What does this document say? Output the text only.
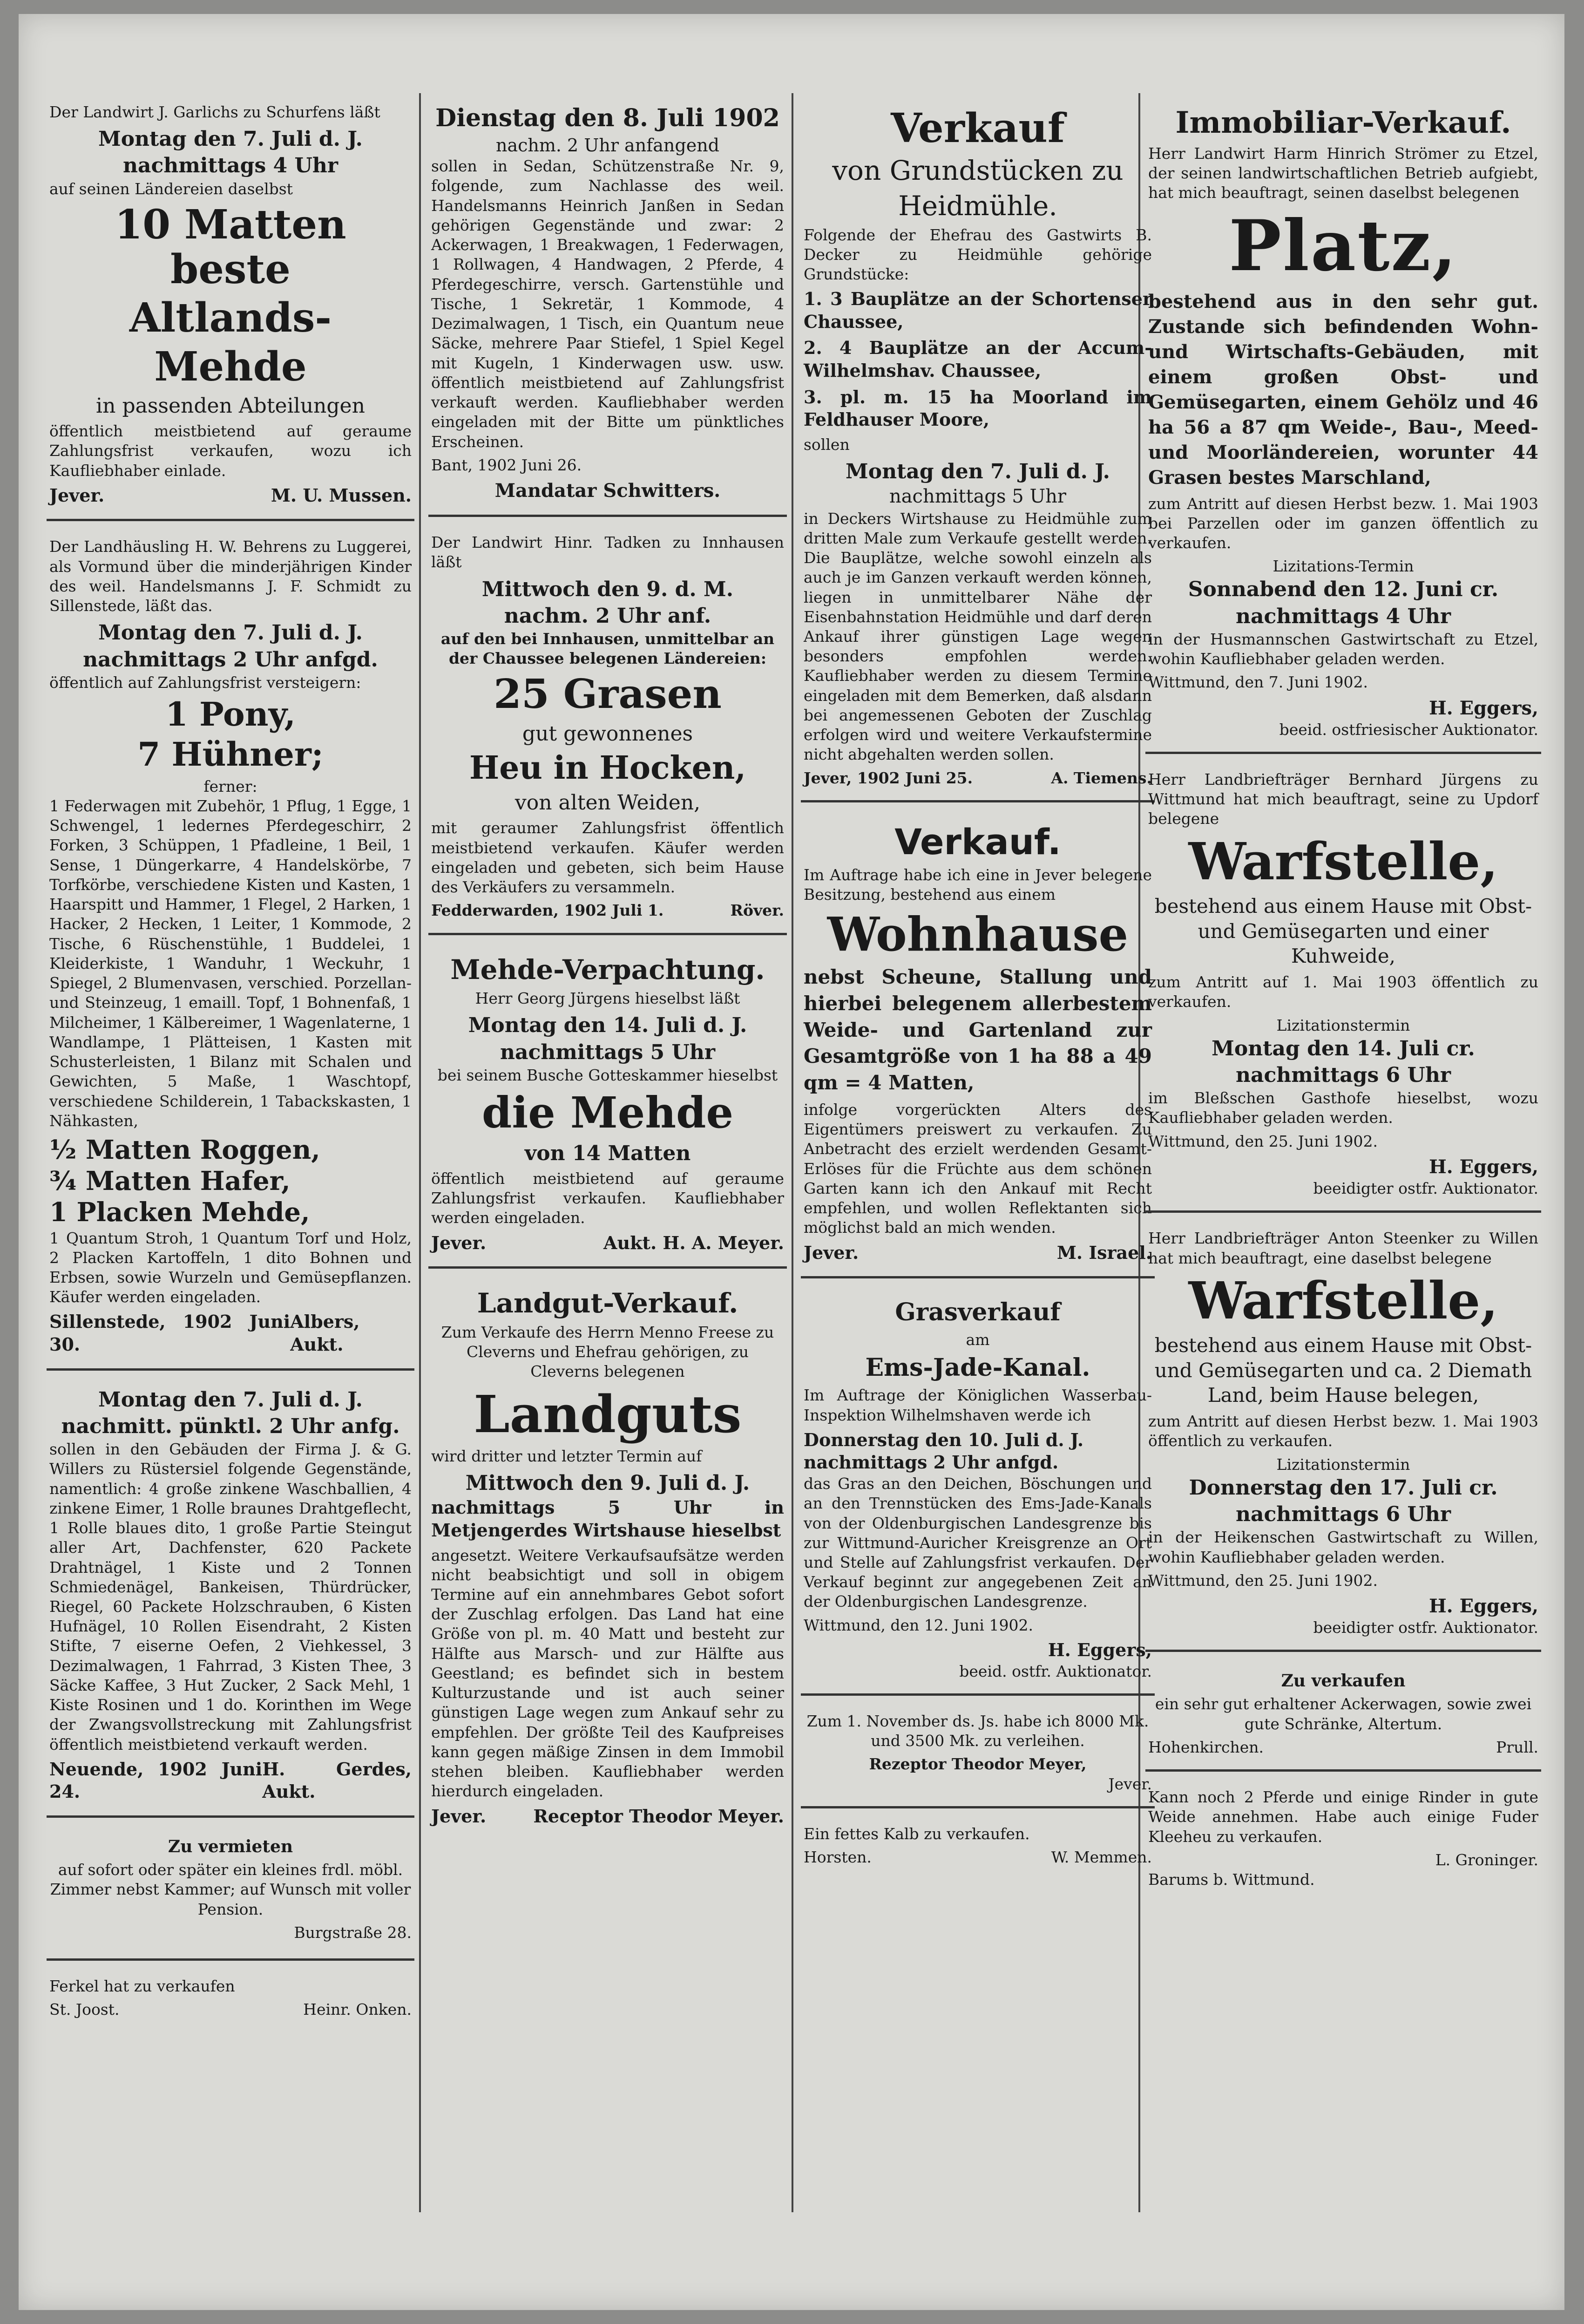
Der Landwirt J. Garlichs zu Schurfens läßt

Montag den 7. Juli d. J.
nachmittags 4 Uhr

auf seinen Ländereien daselbst

10 Matten beste
Altlands-
Mehde
in passenden Abteilungen

öffentlich meistbietend auf geraume Zahlungsfrist verkaufen, wozu ich Kaufliebhaber einlade.

Jever.	M. U. Mussen.

Der Landhäusling H. W. Behrens zu Luggerei, als Vormund über die minderjährigen Kinder des weil. Handelsmanns J. F. Schmidt zu Sillenstede, läßt das.

Montag den 7. Juli d. J.
nachmittags 2 Uhr anfgd.

öffentlich auf Zahlungsfrist versteigern:

1 Pony,
7 Hühner;
ferner:

1 Federwagen mit Zubehör, 1 Pflug, 1 Egge, 1 Schwengel, 1 ledernes Pferdegeschirr, 2 Forken, 3 Schüppen, 1 Pfadleine, 1 Beil, 1 Sense, 1 Düngerkarre, 4 Handelskörbe, 7 Torfkörbe, verschiedene Kisten und Kasten, 1 Haarspitt und Hammer, 1 Flegel, 2 Harken, 1 Hacker, 2 Hecken, 1 Leiter, 1 Kommode, 2 Tische, 6 Rüschenstühle, 1 Buddelei, 1 Kleiderkiste, 1 Wanduhr, 1 Weckuhr, 1 Spiegel, 2 Blumenvasen, verschied. Porzellan- und Steinzeug, 1 emaill. Topf, 1 Bohnenfaß, 1 Milcheimer, 1 Kälbereimer, 1 Wagenlaterne, 1 Wandlampe, 1 Plätteisen, 1 Kasten mit Schusterleisten, 1 Bilanz mit Schalen und Gewichten, 5 Maße, 1 Waschtopf, verschiedene Schilderein, 1 Tabackskasten, 1 Nähkasten,

½ Matten Roggen,
¾ Matten Hafer,
1 Placken Mehde,

1 Quantum Stroh, 1 Quantum Torf und Holz, 2 Placken Kartoffeln, 1 dito Bohnen und Erbsen, sowie Wurzeln und Gemüsepflanzen. Käufer werden eingeladen.

Sillenstede, 1902 Juni 30.
Albers, Aukt.
Montag den 7. Juli d. J.
nachmitt. pünktl. 2 Uhr anfg.

sollen in den Gebäuden der Firma J. & G. Willers zu Rüstersiel folgende Gegenstände, namentlich: 4 große zinkene Waschballien, 4 zinkene Eimer, 1 Rolle braunes Drahtgeflecht, 1 Rolle blaues dito, 1 große Partie Steingut aller Art, Dachfenster, 620 Packete Drahtnägel, 1 Kiste und 2 Tonnen Schmiedenägel, Bankeisen, Thürdrücker, Riegel, 60 Packete Holzschrauben, 6 Kisten Hufnägel, 10 Rollen Eisendraht, 2 Kisten Stifte, 7 eiserne Oefen, 2 Viehkessel, 3 Dezimalwagen, 1 Fahrrad, 3 Kisten Thee, 3 Säcke Kaffee, 3 Hut Zucker, 2 Sack Mehl, 1 Kiste Rosinen und 1 do. Korinthen im Wege der Zwangsvollstreckung mit Zahlungsfrist öffentlich meistbietend verkauft werden.

Neuende, 1902 Juni 24.
H. Gerdes, Aukt.
Zu vermieten

auf sofort oder später ein kleines frdl. möbl. Zimmer nebst Kammer; auf Wunsch mit voller Pension.

Burgstraße 28.

Ferkel hat zu verkaufen

St. Joost.	Heinr. Onken.
Dienstag den 8. Juli 1902
nachm. 2 Uhr anfangend

sollen in Sedan, Schützenstraße Nr. 9, folgende, zum Nachlasse des weil. Handelsmanns Heinrich Janßen in Sedan gehörigen Gegenstände und zwar: 2 Ackerwagen, 1 Breakwagen, 1 Federwagen, 1 Rollwagen, 4 Handwagen, 2 Pferde, 4 Pferdegeschirre, versch. Gartenstühle und Tische, 1 Sekretär, 1 Kommode, 4 Dezimalwagen, 1 Tisch, ein Quantum neue Säcke, mehrere Paar Stiefel, 1 Spiel Kegel mit Kugeln, 1 Kinderwagen usw. usw. öffentlich meistbietend auf Zahlungsfrist verkauft werden. Kaufliebhaber werden eingeladen mit der Bitte um pünktliches Erscheinen.

Bant, 1902 Juni 26.

Mandatar Schwitters.

Der Landwirt Hinr. Tadken zu Innhausen läßt

Mittwoch den 9. d. M.
nachm. 2 Uhr anf.

auf den bei Innhausen, unmittelbar an der Chaussee belegenen Ländereien:

25 Grasen
gut gewonnenes
Heu in Hocken,
von alten Weiden,

mit geraumer Zahlungsfrist öffentlich meistbietend verkaufen. Käufer werden eingeladen und gebeten, sich beim Hause des Verkäufers zu versammeln.

Fedderwarden, 1902 Juli 1.	Röver.
Mehde-Verpachtung.

Herr Georg Jürgens hieselbst läßt

Montag den 14. Juli d. J.
nachmittags 5 Uhr

bei seinem Busche Gotteskammer hieselbst

die Mehde
von 14 Matten

öffentlich meistbietend auf geraume Zahlungsfrist verkaufen. Kaufliebhaber werden eingeladen.

Jever.	Aukt. H. A. Meyer.
Landgut-Verkauf.

Zum Verkaufe des Herrn Menno Freese zu Cleverns und Ehefrau gehörigen, zu Cleverns belegenen

Landguts

wird dritter und letzter Termin auf

Mittwoch den 9. Juli d. J.

nachmittags 5 Uhr in Metjengerdes Wirtshause hieselbst

angesetzt. Weitere Verkaufsaufsätze werden nicht beabsichtigt und soll in obigem Termine auf ein annehmbares Gebot sofort der Zuschlag erfolgen. Das Land hat eine Größe von pl. m. 40 Matt und besteht zur Hälfte aus Marsch- und zur Hälfte aus Geestland; es befindet sich in bestem Kulturzustande und ist auch seiner günstigen Lage wegen zum Ankauf sehr zu empfehlen. Der größte Teil des Kaufpreises kann gegen mäßige Zinsen in dem Immobil stehen bleiben. Kaufliebhaber werden hierdurch eingeladen.

Jever.	Receptor Theodor Meyer.
Verkauf
von Grundstücken zu
Heidmühle.

Folgende der Ehefrau des Gastwirts B. Decker zu Heidmühle gehörige Grundstücke:

1. 3 Bauplätze an der Schortenser Chaussee,

2. 4 Bauplätze an der Accum-Wilhelmshav. Chaussee,

3. pl. m. 15 ha Moorland im Feldhauser Moore,

sollen

Montag den 7. Juli d. J.
nachmittags 5 Uhr

in Deckers Wirtshause zu Heidmühle zum dritten Male zum Verkaufe gestellt werden. Die Bauplätze, welche sowohl einzeln als auch je im Ganzen verkauft werden können, liegen in unmittelbarer Nähe der Eisenbahnstation Heidmühle und darf deren Ankauf ihrer günstigen Lage wegen besonders empfohlen werden. Kaufliebhaber werden zu diesem Termine eingeladen mit dem Bemerken, daß alsdann bei angemessenen Geboten der Zuschlag erfolgen wird und weitere Verkaufstermine nicht abgehalten werden sollen.

Jever, 1902 Juni 25.	A. Tiemens.
Verkauf.

Im Auftrage habe ich eine in Jever belegene Besitzung, bestehend aus einem

Wohnhause

nebst Scheune, Stallung und hierbei belegenem allerbestem Weide- und Gartenland zur Gesamtgröße von 1 ha 88 a 49 qm = 4 Matten,

infolge vorgerückten Alters des Eigentümers preiswert zu verkaufen. Zu Anbetracht des erzielt werdenden Gesamt-Erlöses für die Früchte aus dem schönen Garten kann ich den Ankauf mit Recht empfehlen, und wollen Reflektanten sich möglichst bald an mich wenden.

Jever.	M. Israel.
Grasverkauf
am
Ems-Jade-Kanal.

Im Auftrage der Königlichen Wasserbau-Inspektion Wilhelmshaven werde ich

Donnerstag den 10. Juli d. J.
nachmittags 2 Uhr anfgd.

das Gras an den Deichen, Böschungen und an den Trennstücken des Ems-Jade-Kanals von der Oldenburgischen Landesgrenze bis zur Wittmund-Auricher Kreisgrenze an Ort und Stelle auf Zahlungsfrist verkaufen. Der Verkauf beginnt zur angegebenen Zeit an der Oldenburgischen Landesgrenze.

Wittmund, den 12. Juni 1902.

H. Eggers,
beeid. ostfr. Auktionator.

Zum 1. November ds. Js. habe ich 8000 Mk. und 3500 Mk. zu verleihen.

Rezeptor Theodor Meyer,
Jever.

Ein fettes Kalb zu verkaufen.

Horsten.	W. Memmen.
Immobiliar-Verkauf.

Herr Landwirt Harm Hinrich Strömer zu Etzel, der seinen landwirtschaftlichen Betrieb aufgiebt, hat mich beauftragt, seinen daselbst belegenen

Platz,

bestehend aus in den sehr gut. Zustande sich befindenden Wohn- und Wirtschafts-Gebäuden, mit einem großen Obst- und Gemüsegarten, einem Gehölz und 46 ha 56 a 87 qm Weide-, Bau-, Meed- und Moorländereien, worunter 44 Grasen bestes Marschland,

zum Antritt auf diesen Herbst bezw. 1. Mai 1903 bei Parzellen oder im ganzen öffentlich zu verkaufen.

Lizitations-Termin
Sonnabend den 12. Juni cr.
nachmittags 4 Uhr

in der Husmannschen Gastwirtschaft zu Etzel, wohin Kaufliebhaber geladen werden.

Wittmund, den 7. Juni 1902.

H. Eggers,
beeid. ostfriesischer Auktionator.

Herr Landbriefträger Bernhard Jürgens zu Wittmund hat mich beauftragt, seine zu Updorf belegene

Warfstelle,

bestehend aus einem Hause mit Obst- und Gemüsegarten und einer Kuhweide,

zum Antritt auf 1. Mai 1903 öffentlich zu verkaufen.

Lizitationstermin
Montag den 14. Juli cr.
nachmittags 6 Uhr

im Bleßschen Gasthofe hieselbst, wozu Kaufliebhaber geladen werden.

Wittmund, den 25. Juni 1902.

H. Eggers,
beeidigter ostfr. Auktionator.

Herr Landbriefträger Anton Steenker zu Willen hat mich beauftragt, eine daselbst belegene

Warfstelle,

bestehend aus einem Hause mit Obst- und Gemüsegarten und ca. 2 Diemath Land, beim Hause belegen,

zum Antritt auf diesen Herbst bezw. 1. Mai 1903 öffentlich zu verkaufen.

Lizitationstermin
Donnerstag den 17. Juli cr.
nachmittags 6 Uhr

in der Heikenschen Gastwirtschaft zu Willen, wohin Kaufliebhaber geladen werden.

Wittmund, den 25. Juni 1902.

H. Eggers,
beeidigter ostfr. Auktionator.
Zu verkaufen

ein sehr gut erhaltener Ackerwagen, sowie zwei gute Schränke, Altertum.

Hohenkirchen.	Prull.

Kann noch 2 Pferde und einige Rinder in gute Weide annehmen. Habe auch einige Fuder Kleeheu zu verkaufen.

L. Groninger.
Barums b. Wittmund.
